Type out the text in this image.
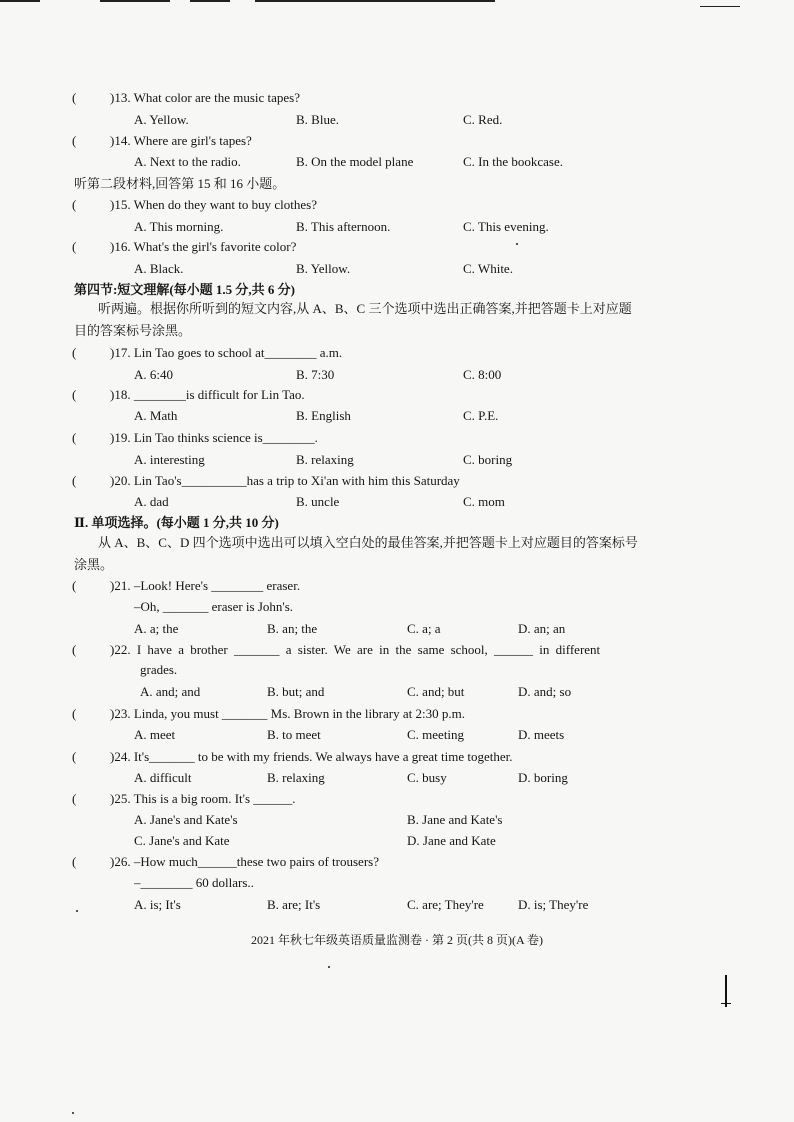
(	)13. What color are the music tapes?
A. Yellow.	B. Blue.	C. Red.
(	)14. Where are girl's tapes?
A. Next to the radio.	B. On the model plane	C. In the bookcase.
听第二段材料,回答第 15 和 16 小题。
(	)15. When do they want to buy clothes?
A. This morning.	B. This afternoon.	C. This evening.
(	)16. What's the girl's favorite color?
A. Black.	B. Yellow.	C. White.
第四节:短文理解(每小题 1.5 分,共 6 分)
听两遍。根据你所听到的短文内容,从 A、B、C 三个选项中选出正确答案,并把答题卡上对应题目的答案标号涂黑。
(	)17. Lin Tao goes to school at________ a.m.
A. 6:40	B. 7:30	C. 8:00
(	)18. ________is difficult for Lin Tao.
A. Math	B. English	C. P.E.
(	)19. Lin Tao thinks science is________.
A. interesting	B. relaxing	C. boring
(	)20. Lin Tao's__________has a trip to Xi'an with him this Saturday
A. dad	B. uncle	C. mom
Ⅱ. 单项选择。(每小题 1 分,共 10 分)
从 A、B、C、D 四个选项中选出可以填入空白处的最佳答案,并把答题卡上对应题目的答案标号涂黑。
(	)21. –Look! Here's ________ eraser.
–Oh, _______ eraser is John's.
A. a; the	B. an; the	C. a; a	D. an; an
(	)22. I have a brother _______ a sister. We are in the same school, ______ in different
grades.
A. and; and	B. but; and	C. and; but	D. and; so
(	)23. Linda, you must _______ Ms. Brown in the library at 2:30 p.m.
A. meet	B. to meet	C. meeting	D. meets
(	)24. It's_______ to be with my friends. We always have a great time together.
A. difficult	B. relaxing	C. busy	D. boring
(	)25. This is a big room. It's ______.
A. Jane's and Kate's	B. Jane and Kate's
C. Jane's and Kate	D. Jane and Kate
(	)26. –How much______these two pairs of trousers?
–________ 60 dollars..
A. is; It's	B. are; It's	C. are; They're	D. is; They're
2021 年秋七年级英语质量监测卷 · 第 2 页(共 8 页)(A 卷)
